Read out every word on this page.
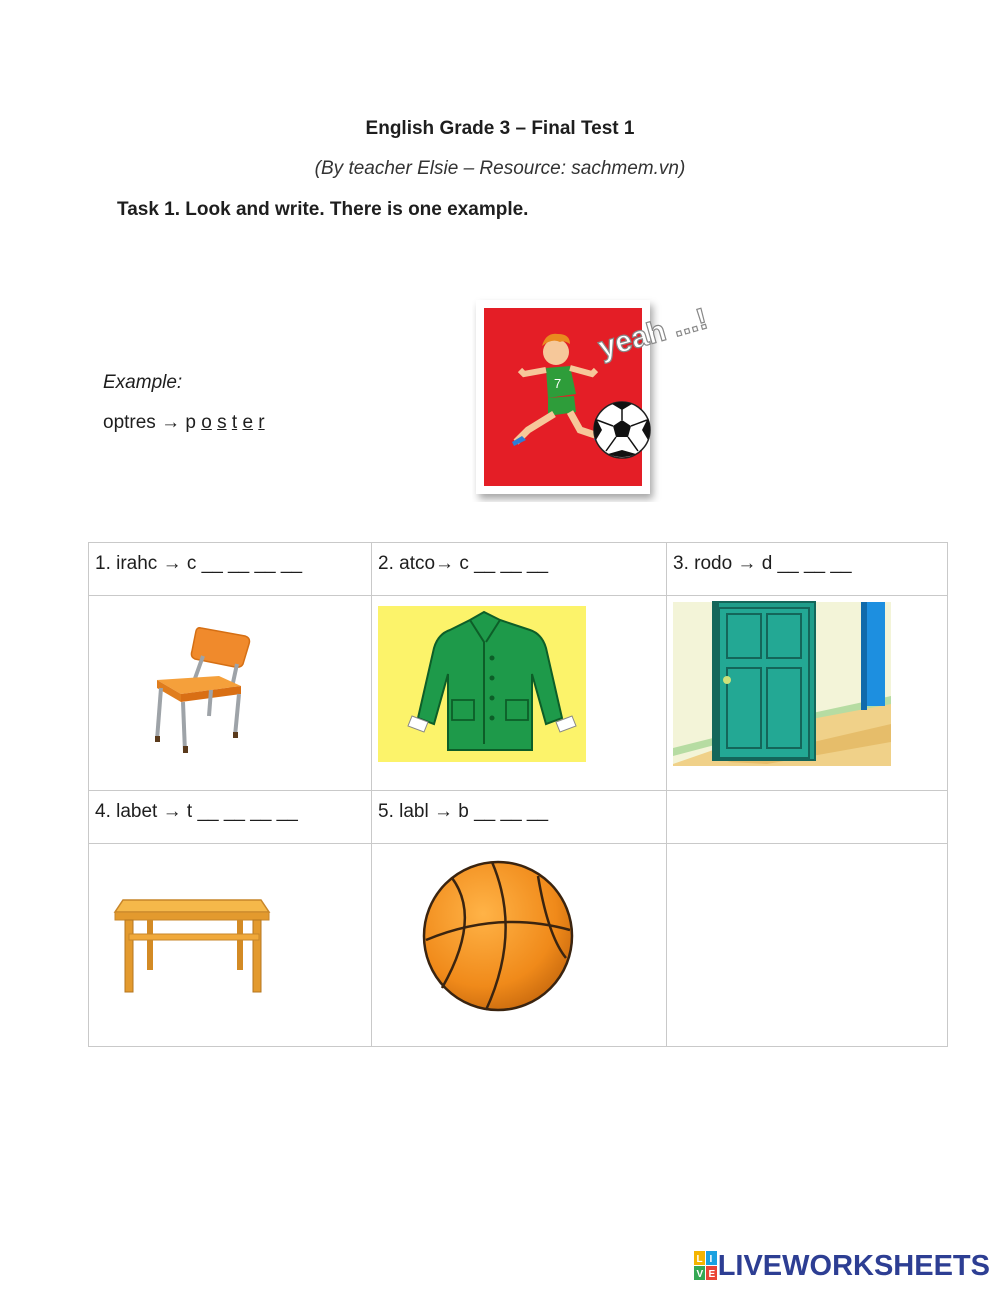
English Grade 3 – Final Test 1
(By teacher Elsie – Resource: sachmem.vn)
Task 1. Look and write. There is one example.
Example:
optres → p o s t e r
7
yeah ...!
1. irahc → c __ __ __ __	2. atco→ c __ __ __	3. rodo → d __ __ __

4. labet → t __ __ __ __	5. labl → b __ __ __	

L I
V E LIVEWORKSHEETS
